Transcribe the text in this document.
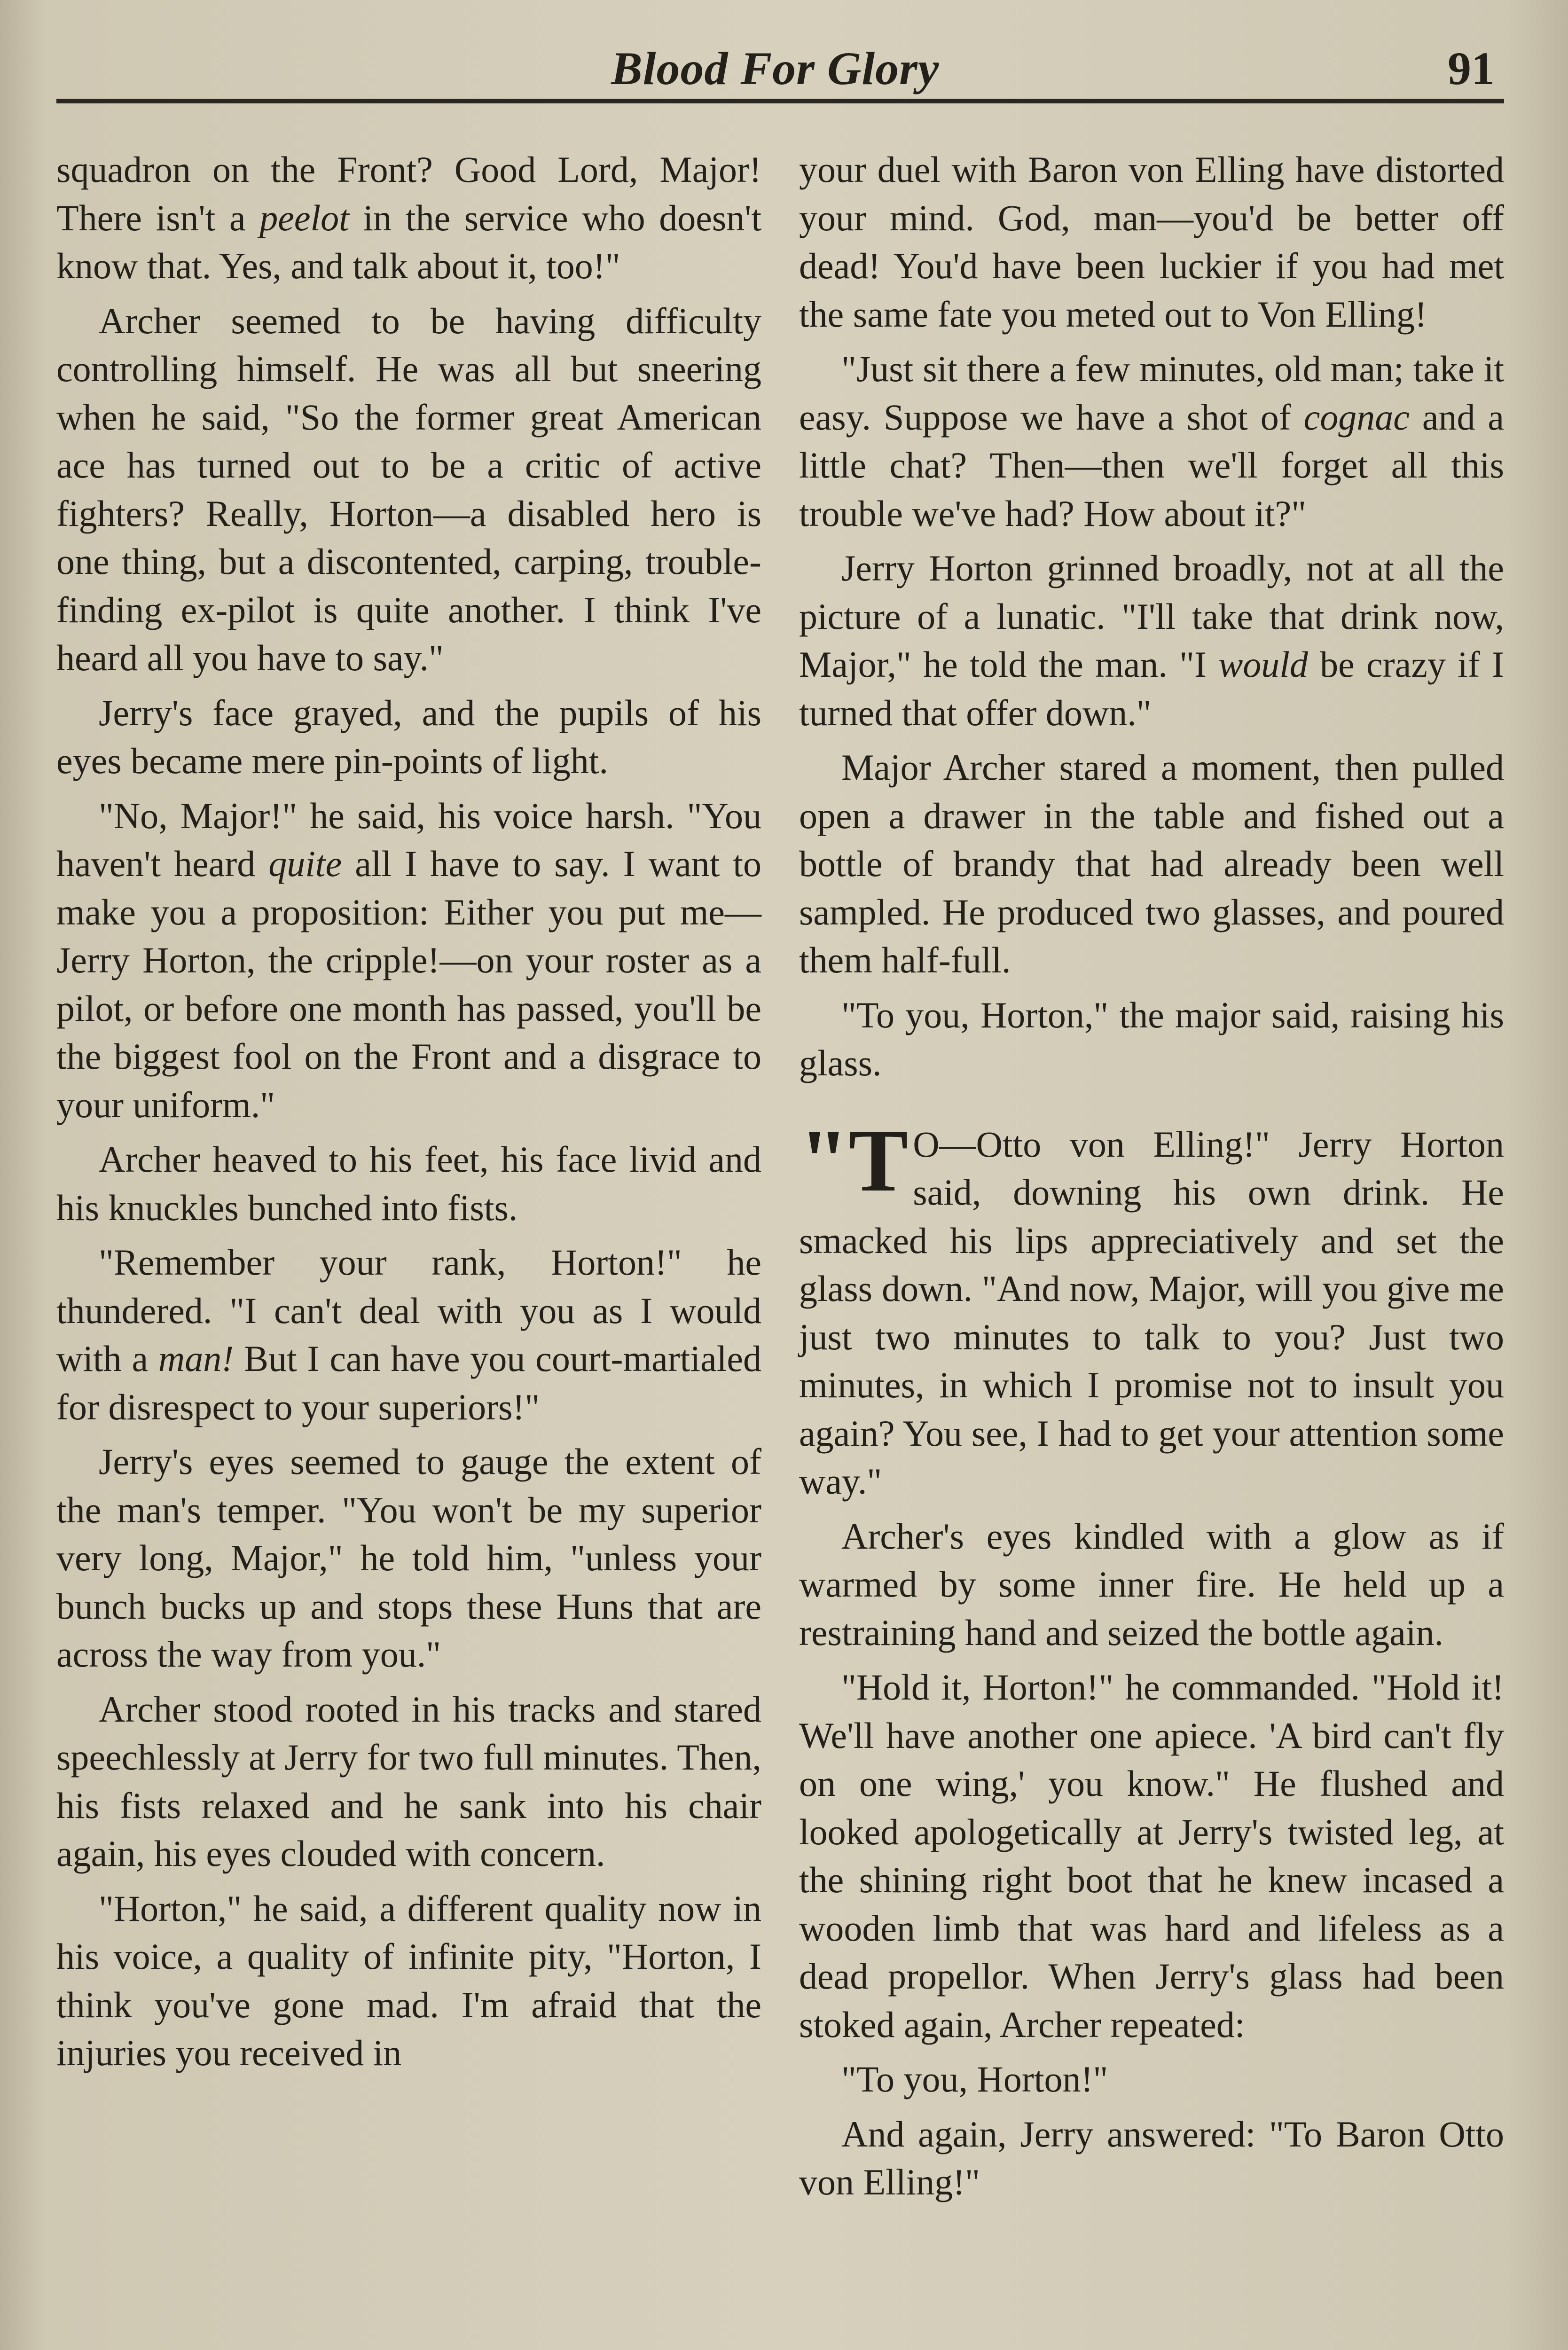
Blood For Glory	91

squadron on the Front? Good Lord, Major! There isn't a peelot in the service who doesn't know that. Yes, and talk about it, too!"

Archer seemed to be having difficulty controlling himself. He was all but sneering when he said, "So the former great American ace has turned out to be a critic of active fighters? Really, Horton—a disabled hero is one thing, but a discontented, carping, trouble-finding ex-pilot is quite another. I think I've heard all you have to say."

Jerry's face grayed, and the pupils of his eyes became mere pin-points of light.

"No, Major!" he said, his voice harsh. "You haven't heard quite all I have to say. I want to make you a proposition: Either you put me—Jerry Horton, the cripple!—on your roster as a pilot, or before one month has passed, you'll be the biggest fool on the Front and a disgrace to your uniform."

Archer heaved to his feet, his face livid and his knuckles bunched into fists.

"Remember your rank, Horton!" he thundered. "I can't deal with you as I would with a man! But I can have you court-martialed for disrespect to your superiors!"

Jerry's eyes seemed to gauge the extent of the man's temper. "You won't be my superior very long, Major," he told him, "unless your bunch bucks up and stops these Huns that are across the way from you."

Archer stood rooted in his tracks and stared speechlessly at Jerry for two full minutes. Then, his fists relaxed and he sank into his chair again, his eyes clouded with concern.

"Horton," he said, a different quality now in his voice, a quality of infinite pity, "Horton, I think you've gone mad. I'm afraid that the injuries you received in

your duel with Baron von Elling have distorted your mind. God, man—you'd be better off dead! You'd have been luckier if you had met the same fate you meted out to Von Elling!

"Just sit there a few minutes, old man; take it easy. Suppose we have a shot of cognac and a little chat? Then—then we'll forget all this trouble we've had? How about it?"

Jerry Horton grinned broadly, not at all the picture of a lunatic. "I'll take that drink now, Major," he told the man. "I would be crazy if I turned that offer down."

Major Archer stared a moment, then pulled open a drawer in the table and fished out a bottle of brandy that had already been well sampled. He produced two glasses, and poured them half-full.

"To you, Horton," the major said, raising his glass.

"T O—Otto von Elling!" Jerry Horton said, downing his own drink. He smacked his lips appreciatively and set the glass down. "And now, Major, will you give me just two minutes to talk to you? Just two minutes, in which I promise not to insult you again? You see, I had to get your attention some way."

Archer's eyes kindled with a glow as if warmed by some inner fire. He held up a restraining hand and seized the bottle again.

"Hold it, Horton!" he commanded. "Hold it! We'll have another one apiece. 'A bird can't fly on one wing,' you know." He flushed and looked apologetically at Jerry's twisted leg, at the shining right boot that he knew incased a wooden limb that was hard and lifeless as a dead propellor. When Jerry's glass had been stoked again, Archer repeated:

"To you, Horton!"

And again, Jerry answered: "To Baron Otto von Elling!"
